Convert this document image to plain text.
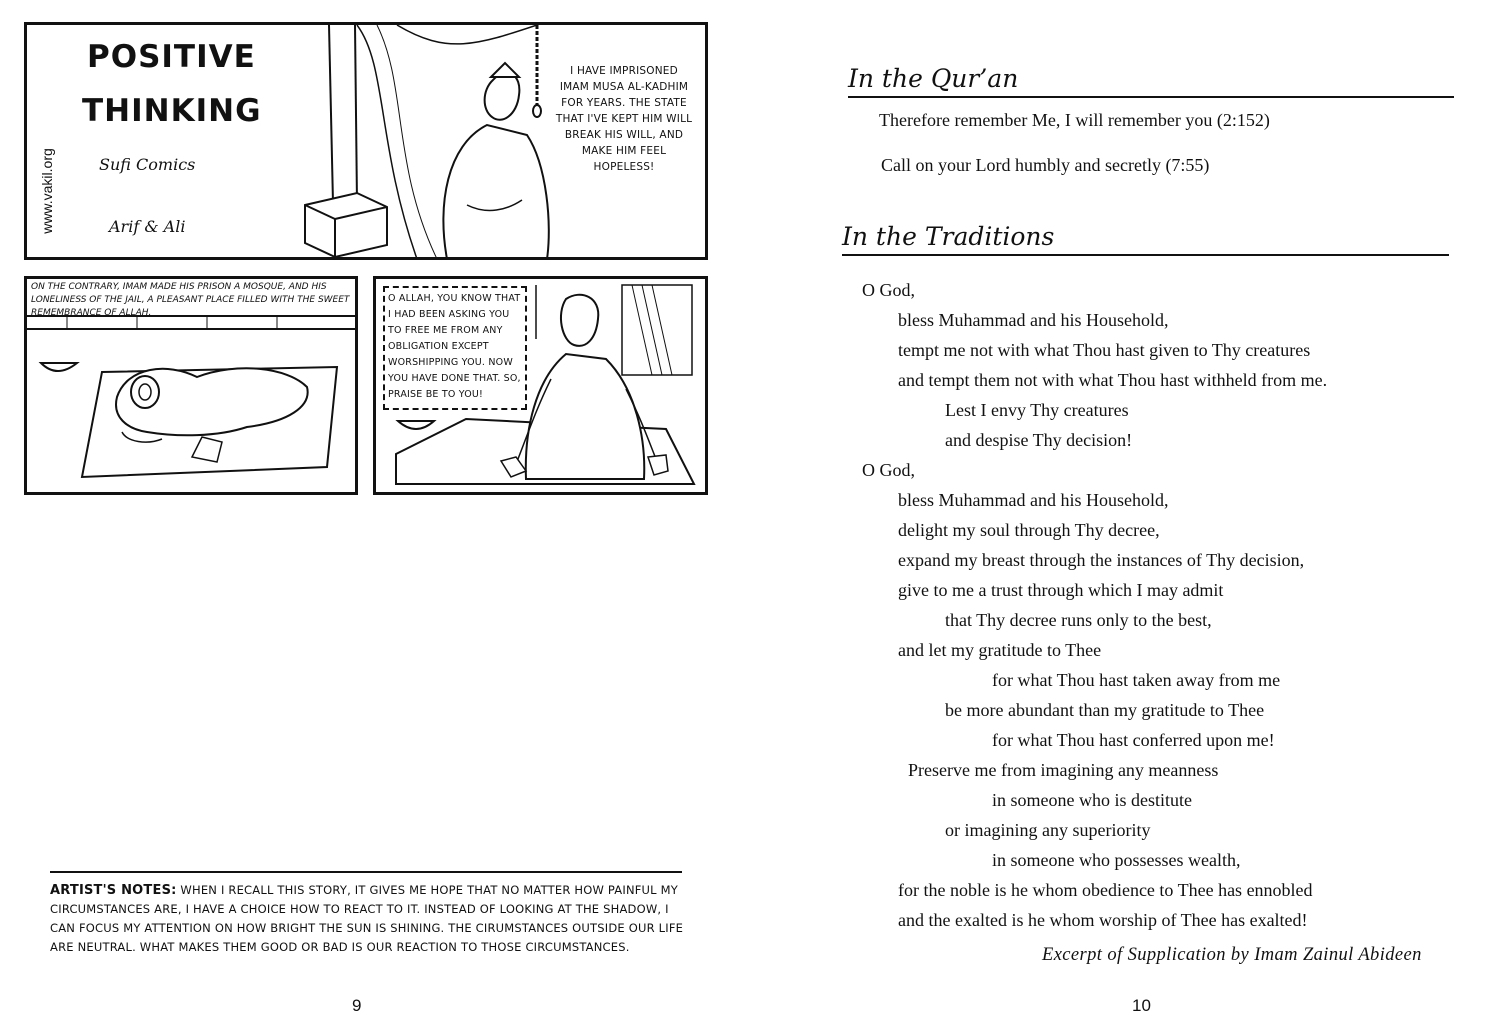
POSITIVE
THINKING
Sufi Comics
Arif & Ali
www.vakil.org
I HAVE IMPRISONED IMAM MUSA AL-KADHIM FOR YEARS. THE STATE THAT I'VE KEPT HIM WILL BREAK HIS WILL, AND MAKE HIM FEEL HOPELESS!
ON THE CONTRARY, IMAM MADE HIS PRISON A MOSQUE, AND HIS LONELINESS OF THE JAIL, A PLEASANT PLACE FILLED WITH THE SWEET REMEMBRANCE OF ALLAH.
O ALLAH, YOU KNOW THAT I HAD BEEN ASKING YOU TO FREE ME FROM ANY OBLIGATION EXCEPT WORSHIPPING YOU. NOW YOU HAVE DONE THAT. SO, PRAISE BE TO YOU!
ARTIST'S NOTES: WHEN I RECALL THIS STORY, IT GIVES ME HOPE THAT NO MATTER HOW PAINFUL MY CIRCUMSTANCES ARE, I HAVE A CHOICE HOW TO REACT TO IT. INSTEAD OF LOOKING AT THE SHADOW, I CAN FOCUS MY ATTENTION ON HOW BRIGHT THE SUN IS SHINING. THE CIRUMSTANCES OUTSIDE OUR LIFE ARE NEUTRAL. WHAT MAKES THEM GOOD OR BAD IS OUR REACTION TO THOSE CIRCUMSTANCES.
9
In the Qur’an
Therefore remember Me, I will remember you (2:152)
Call on your Lord humbly and secretly (7:55)
In the Traditions
O God,
bless Muhammad and his Household,
tempt me not with what Thou hast given to Thy creatures
and tempt them not with what Thou hast withheld from me.
Lest I envy Thy creatures
and despise Thy decision!
O God,
bless Muhammad and his Household,
delight my soul through Thy decree,
expand my breast through the instances of Thy decision,
give to me a trust through which I may admit
that Thy decree runs only to the best,
and let my gratitude to Thee
for what Thou hast taken away from me
be more abundant than my gratitude to Thee
for what Thou hast conferred upon me!
Preserve me from imagining any meanness
in someone who is destitute
or imagining any superiority
in someone who possesses wealth,
for the noble is he whom obedience to Thee has ennobled
and the exalted is he whom worship of Thee has exalted!
Excerpt of Supplication by Imam Zainul Abideen
10
